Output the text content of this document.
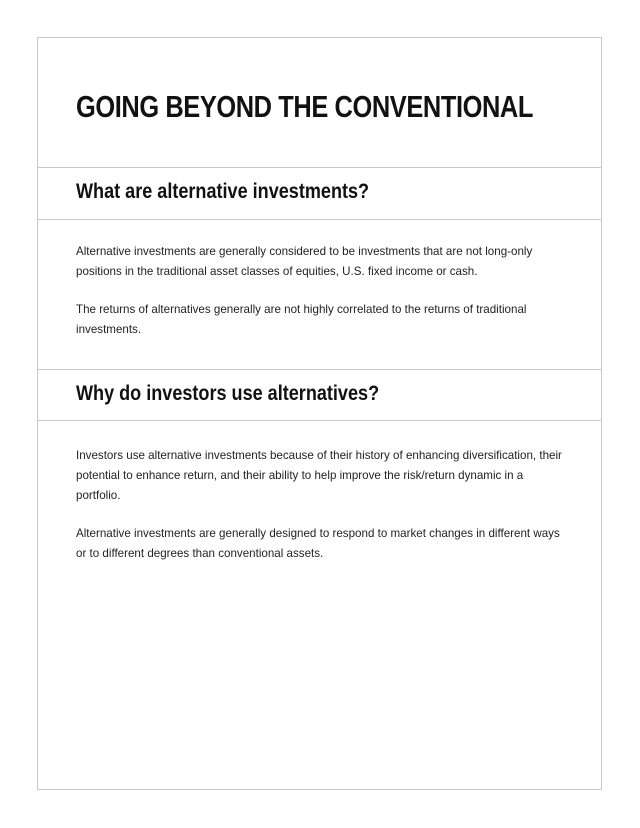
GOING BEYOND THE CONVENTIONAL
What are alternative investments?

Alternative investments are generally considered to be investments that are not long-only positions in the traditional asset classes of equities, U.S. fixed income or cash.

The returns of alternatives generally are not highly correlated to the returns of traditional investments.

Why do investors use alternatives?

Investors use alternative investments because of their history of enhancing diversification, their potential to enhance return, and their ability to help improve the risk/return dynamic in a portfolio.

Alternative investments are generally designed to respond to market changes in different ways or to different degrees than conventional assets.
